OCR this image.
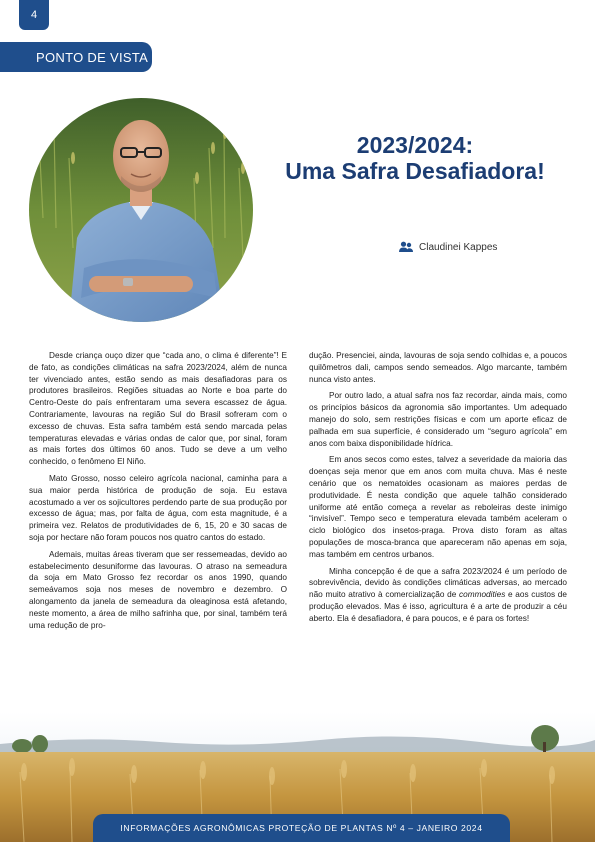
4
PONTO DE VISTA
2023/2024:
Uma Safra Desafiadora!
Claudinei Kappes

Desde criança ouço dizer que “cada ano, o clima é diferente”! E de fato, as condições climáticas na safra 2023/2024, além de nunca ter vivenciado antes, estão sendo as mais desafiadoras para os produtores brasileiros. Regiões situadas ao Norte e boa parte do Centro-Oeste do país enfrentaram uma severa escassez de água. Contrariamente, lavouras na região Sul do Brasil sofreram com o excesso de chuvas. Esta safra também está sendo marcada pelas temperaturas elevadas e várias ondas de calor que, por sinal, foram as mais fortes dos últimos 60 anos. Tudo se deve a um velho conhecido, o fenômeno El Niño.

Mato Grosso, nosso celeiro agrícola nacional, caminha para a sua maior perda histórica de produção de soja. Eu estava acostumado a ver os sojicultores perdendo parte de sua produção por excesso de água; mas, por falta de água, com esta magnitude, é a primeira vez. Relatos de produtividades de 6, 15, 20 e 30 sacas de soja por hectare não foram poucos nos quatro cantos do estado.

Ademais, muitas áreas tiveram que ser ressemeadas, devido ao estabelecimento desuniforme das lavouras. O atraso na semeadura da soja em Mato Grosso fez recordar os anos 1990, quando semeávamos soja nos meses de novembro e dezembro. O alongamento da janela de semeadura da oleaginosa está afetando, neste momento, a área de milho safrinha que, por sinal, também terá uma redução de pro-

dução. Presenciei, ainda, lavouras de soja sendo colhidas e, a poucos quilômetros dali, campos sendo semeados. Algo marcante, também nunca visto antes.

Por outro lado, a atual safra nos faz recordar, ainda mais, como os princípios básicos da agronomia são importantes. Um adequado manejo do solo, sem restrições físicas e com um aporte eficaz de palhada em sua superfície, é considerado um “seguro agrícola” em anos com baixa disponibilidade hídrica.

Em anos secos como estes, talvez a severidade da maioria das doenças seja menor que em anos com muita chuva. Mas é neste cenário que os nematoides ocasionam as maiores perdas de produtividade. É nesta condição que aquele talhão considerado uniforme até então começa a revelar as reboleiras deste inimigo “invisível”. Tempo seco e temperatura elevada também aceleram o ciclo biológico dos insetos-praga. Prova disto foram as altas populações de mosca-branca que apareceram não apenas em soja, mas também em centros urbanos.

Minha concepção é de que a safra 2023/2024 é um período de sobrevivência, devido às condições climáticas adversas, ao mercado não muito atrativo à comercialização de commodities e aos custos de produção elevados. Mas é isso, agricultura é a arte de produzir a céu aberto. Ela é desafiadora, é para poucos, e é para os fortes!

INFORMAÇÕES AGRONÔMICAS PROTEÇÃO DE PLANTAS Nº 4 – JANEIRO 2024
